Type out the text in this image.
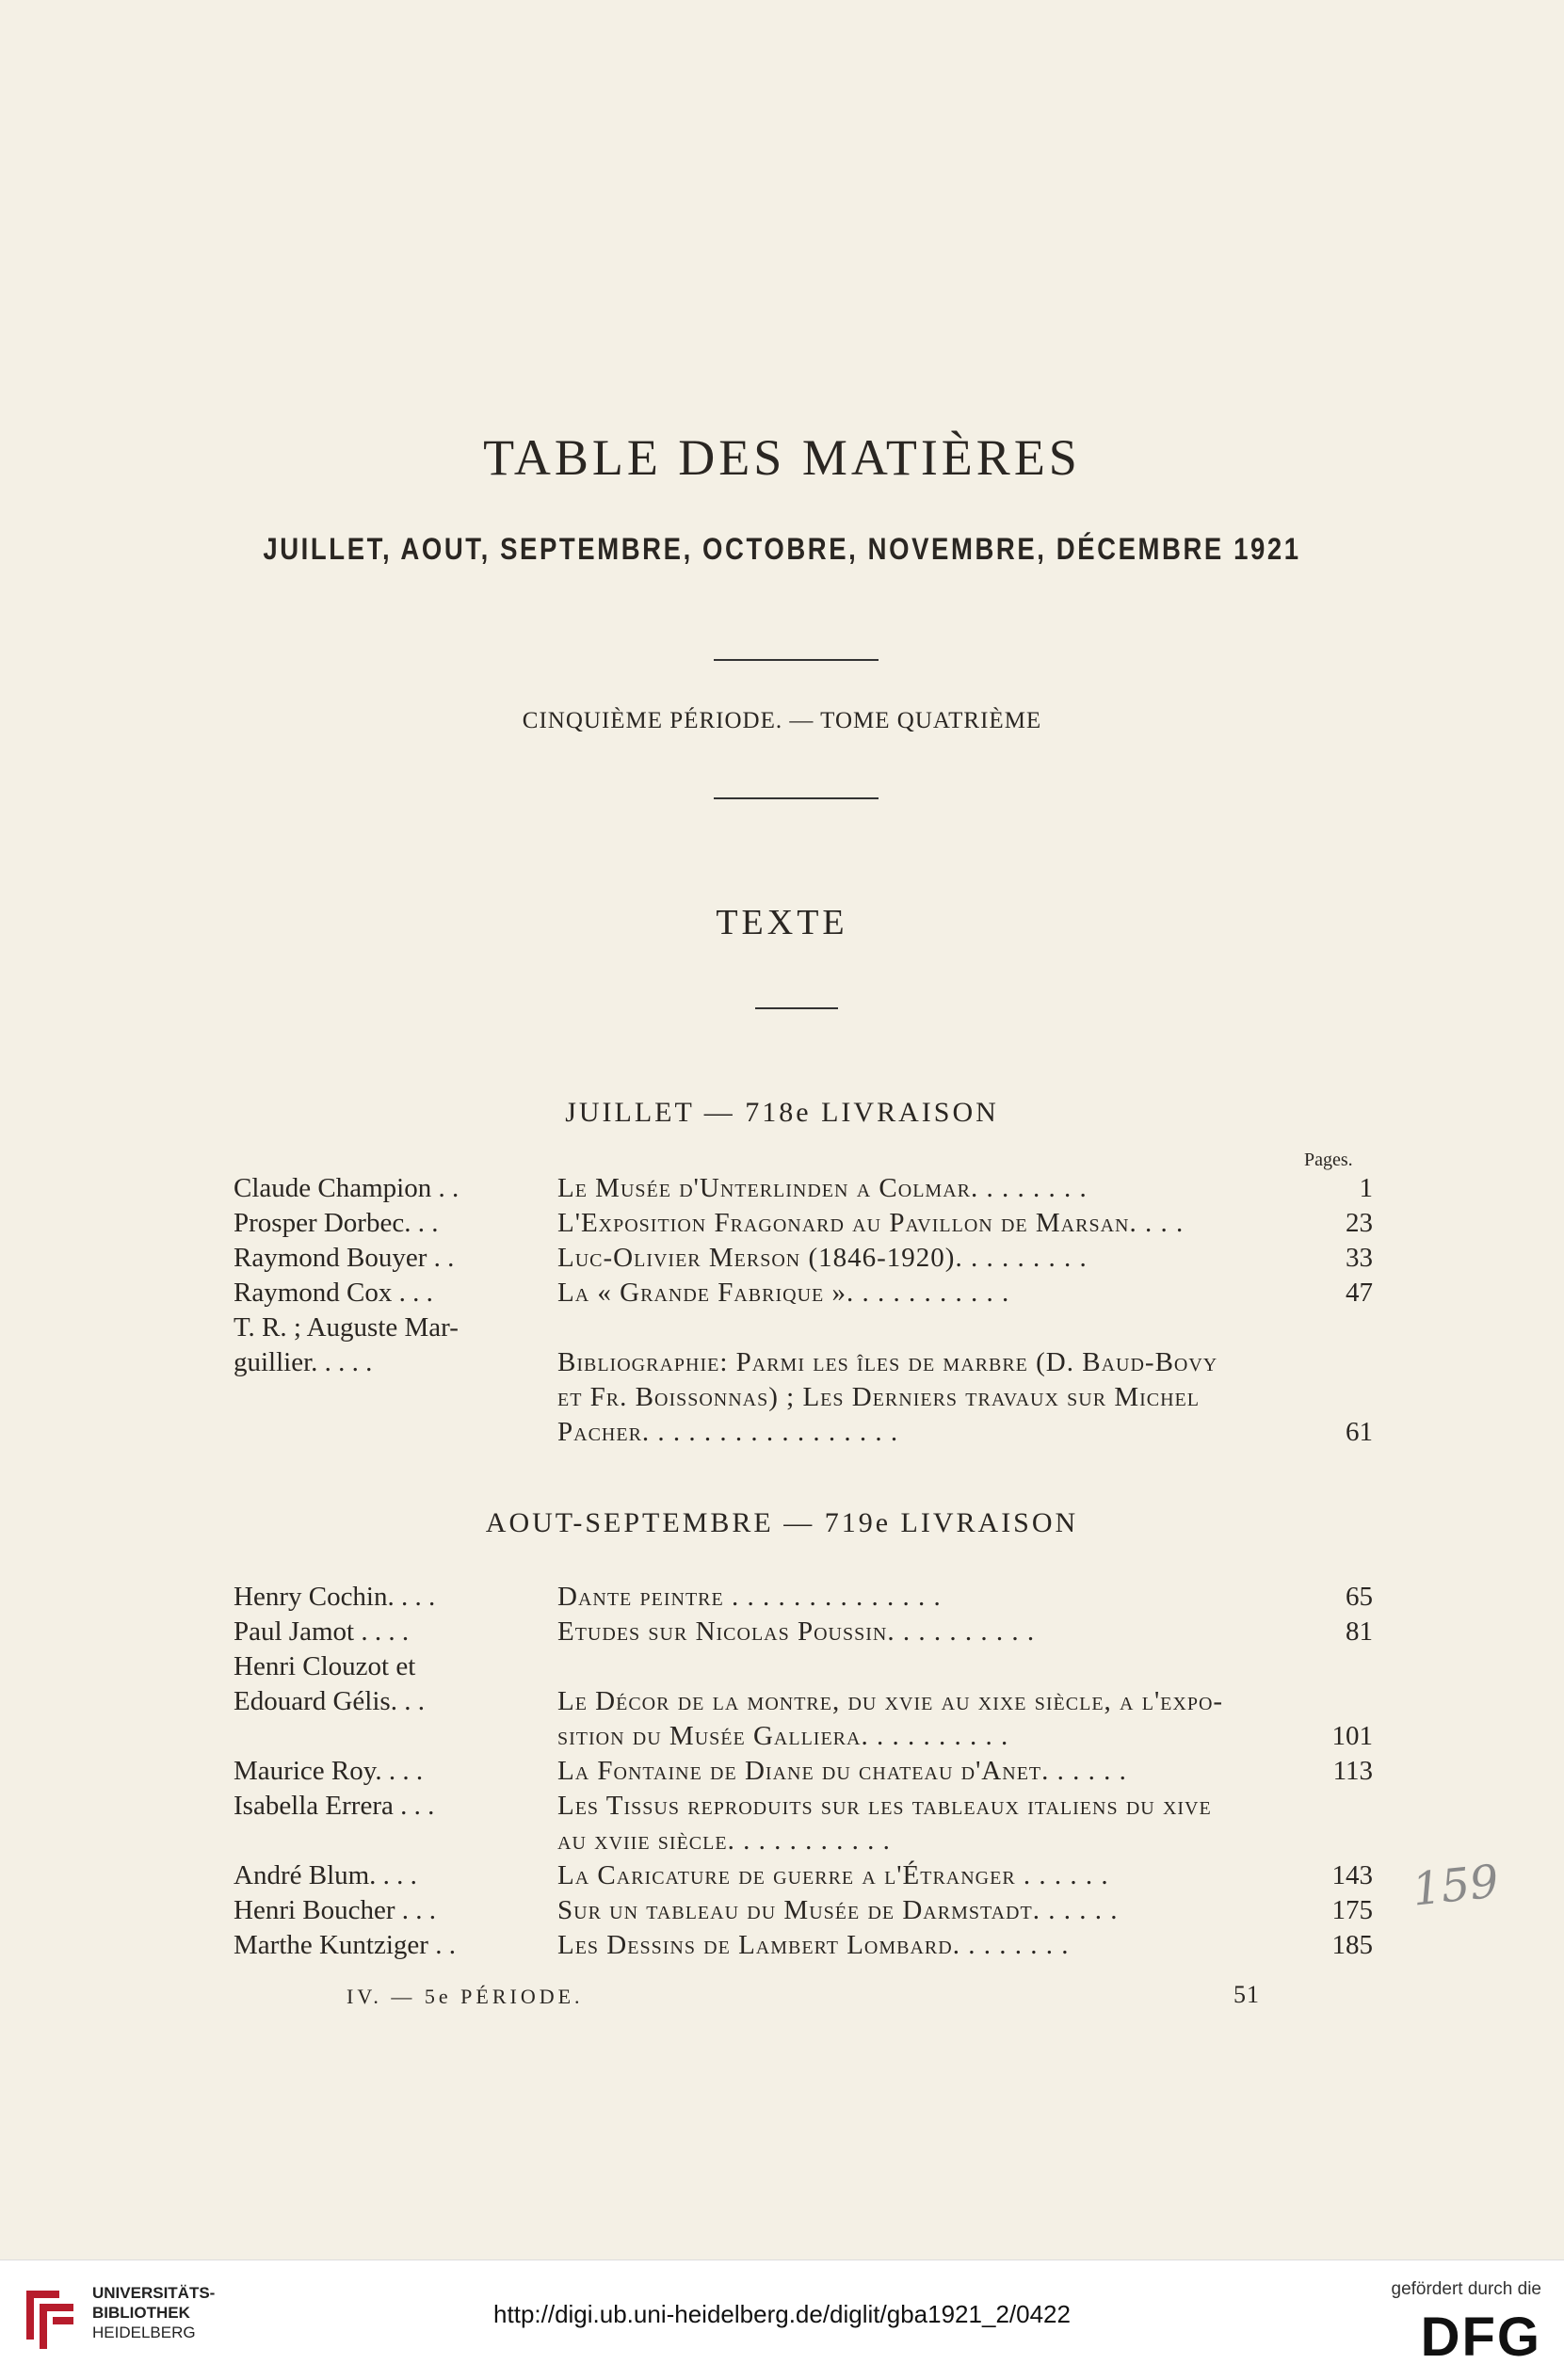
TABLE DES MATIÈRES
JUILLET, AOUT, SEPTEMBRE, OCTOBRE, NOVEMBRE, DÉCEMBRE 1921
CINQUIÈME PÉRIODE. — TOME QUATRIÈME
TEXTE
JUILLET — 718e LIVRAISON
Pages.
Claude Champion . .	Le Musée d'Unterlinden a Colmar. . . . . . . .	1
Prosper Dorbec. . .	L'Exposition Fragonard au Pavillon de Marsan. . . .	23
Raymond Bouyer . .	Luc-Olivier Merson (1846-1920). . . . . . . . .	33
Raymond Cox . . .	La « Grande Fabrique ». . . . . . . . . . .	47
T. R. ; Auguste Mar-
guillier. . . . .	Bibliographie: Parmi les îles de marbre (D. Baud-Bovy
et Fr. Boissonnas) ; Les Derniers travaux sur Michel
Pacher. . . . . . . . . . . . . . . . .	61
AOUT-SEPTEMBRE — 719e LIVRAISON
Henry Cochin. . . .	Dante peintre . . . . . . . . . . . . . .	65
Paul Jamot . . . .	Etudes sur Nicolas Poussin. . . . . . . . . .	81
Henri Clouzot et
Edouard Gélis. . .	Le Décor de la montre, du xvie au xixe siècle, a l'expo-
sition du Musée Galliera. . . . . . . . . .	101
Maurice Roy. . . .	La Fontaine de Diane du chateau d'Anet. . . . . .	113
Isabella Errera . . .	Les Tissus reproduits sur les tableaux italiens du xive
au xviie siècle. . . . . . . . . . .
André Blum. . . .	La Caricature de guerre a l'Étranger . . . . . .	143
Henri Boucher . . .	Sur un tableau du Musée de Darmstadt. . . . . .	175
Marthe Kuntziger . .	Les Dessins de Lambert Lombard. . . . . . . .	185
IV. — 5e PÉRIODE.	51
159
UNIVERSITÄTS-
BIBLIOTHEK
HEIDELBERG
http://digi.ub.uni-heidelberg.de/diglit/gba1921_2/0422
gefördert durch die
DFG
